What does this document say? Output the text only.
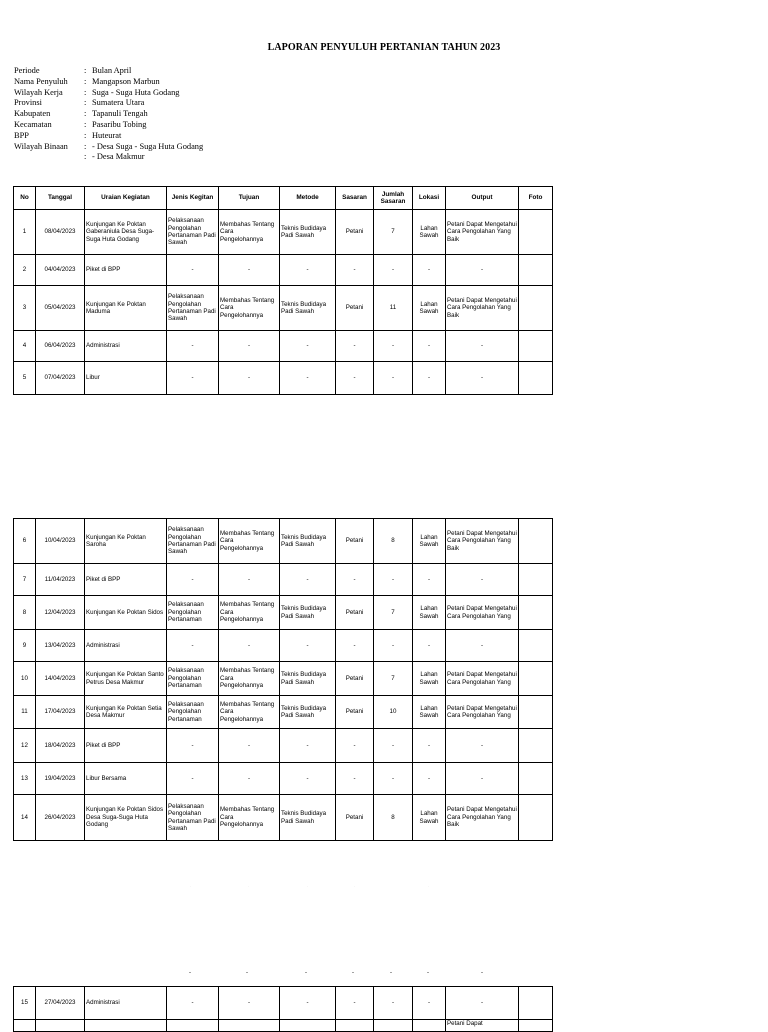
LAPORAN PENYULUH PERTANIAN TAHUN 2023
Periode	: Bulan April
Nama Penyuluh	: Mangapson Marbun
Wilayah Kerja	: Suga - Suga Huta Godang
Provinsi	: Sumatera Utara
Kabupaten	: Tapanuli Tengah
Kecamatan	: Pasaribu Tobing
BPP	: Huteurat
Wilayah Binaan	: - Desa Suga - Suga Huta Godang
: - Desa Makmur
No	Tanggal	Uraian Kegiatan	Jenis Kegitan	Tujuan	Metode	Sasaran	Jumlah Sasaran	Lokasi	Output	Foto
1	08/04/2023	Kunjungan Ke Poktan Gaberaniula Desa Suga-Suga Huta Godang	Pelaksanaan Pengolahan Pertanaman Padi Sawah	Membahas Tentang Cara Pengelohannya	Teknis Budidaya Padi Sawah	Petani	7	Lahan Sawah	Petani Dapat Mengetahui Cara Pengolahan Yang Baik	
2	04/04/2023	Piket di BPP	-	-	-	-	-	-	-	
3	05/04/2023	Kunjungan Ke Poktan Maduma	Pelaksanaan Pengolahan Pertanaman Padi Sawah	Membahas Tentang Cara Pengelohannya	Teknis Budidaya Padi Sawah	Petani	11	Lahan Sawah	Petani Dapat Mengetahui Cara Pengolahan Yang Baik	
4	06/04/2023	Administrasi	-	-	-	-	-	-	-	
5	07/04/2023	Libur	-	-	-	-	-	-	-	
6	10/04/2023	Kunjungan Ke Poktan Saroha	Pelaksanaan Pengolahan Pertanaman Padi Sawah	Membahas Tentang Cara Pengelohannya	Teknis Budidaya Padi Sawah	Petani	8	Lahan Sawah	Petani Dapat Mengetahui Cara Pengolahan Yang Baik	
7	11/04/2023	Piket di BPP	-	-	-	-	-	-	-	
8	12/04/2023	Kunjungan Ke Poktan Sidos	Pelaksanaan Pengolahan Pertanaman	Membahas Tentang Cara Pengelohannya	Teknis Budidaya Padi Sawah	Petani	7	Lahan Sawah	Petani Dapat Mengetahui Cara Pengolahan Yang	
9	13/04/2023	Administrasi	-	-	-	-	-	-	-	
10	14/04/2023	Kunjungan Ke Poktan Santo Petrus Desa Makmur	Pelaksanaan Pengolahan Pertanaman	Membahas Tentang Cara Pengelohannya	Teknis Budidaya Padi Sawah	Petani	7	Lahan Sawah	Petani Dapat Mengetahui Cara Pengolahan Yang	
11	17/04/2023	Kunjungan Ke Poktan Setia Desa Makmur	Pelaksanaan Pengolahan Pertanaman	Membahas Tentang Cara Pengelohannya	Teknis Budidaya Padi Sawah	Petani	10	Lahan Sawah	Petani Dapat Mengetahui Cara Pengolahan Yang	
12	18/04/2023	Piket di BPP	-	-	-	-	-	-	-	
13	19/04/2023	Libur Bersama	-	-	-	-	-	-	-	
14	26/04/2023	Kunjungan Ke Poktan Sidos Desa Suga-Suga Huta Godang	Pelaksanaan Pengolahan Pertanaman Padi Sawah	Membahas Tentang Cara Pengelohannya	Teknis Budidaya Padi Sawah	Petani	8	Lahan Sawah	Petani Dapat Mengetahui Cara Pengolahan Yang Baik	
.	.	.	.	.
-	-	-	-	-	-	-
15	27/04/2023	Administrasi	-	-	-	-	-	-	-	
									Petani Dapat	
